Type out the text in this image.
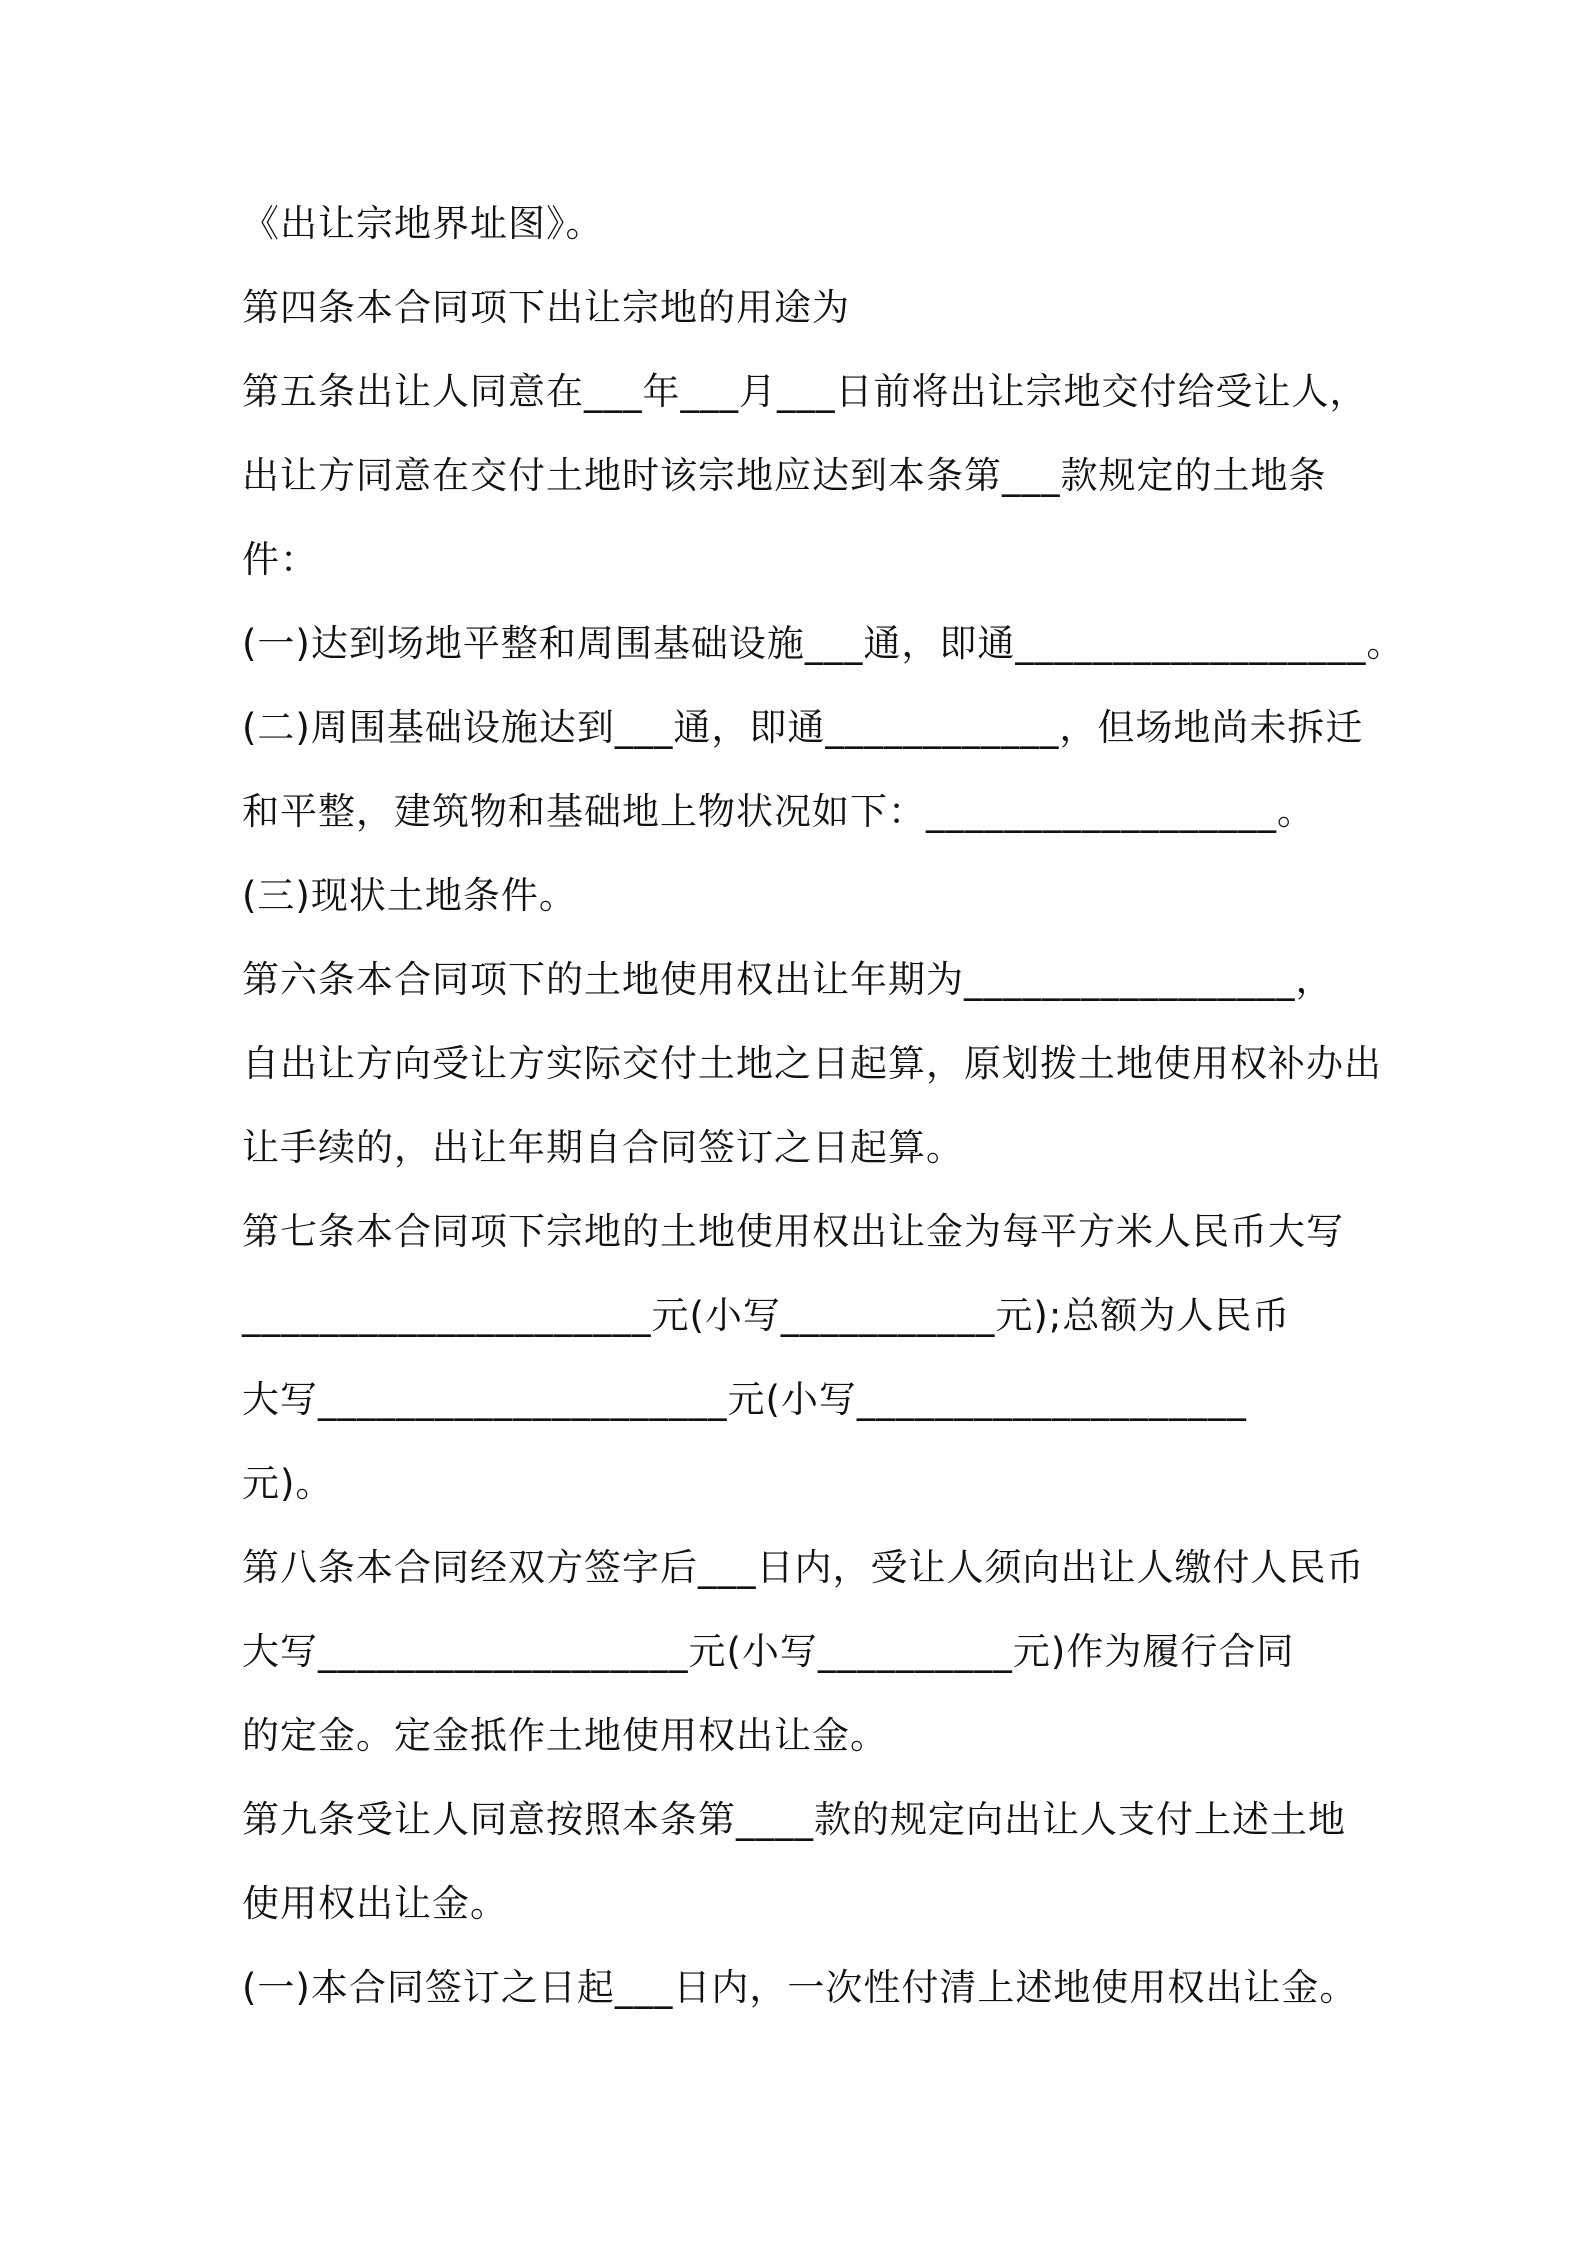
《出让宗地界址图》。
第四条本合同项下出让宗地的用途为
第五条出让人同意在___年___月___日前将出让宗地交付给受让人，
出让方同意在交付土地时该宗地应达到本条第___款规定的土地条
件：
(一)达到场地平整和周围基础设施___通，即通__________________。
(二)周围基础设施达到___通，即通____________，但场地尚未拆迁
和平整，建筑物和基础地上物状况如下：__________________。
(三)现状土地条件。
第六条本合同项下的土地使用权出让年期为_________________，
自出让方向受让方实际交付土地之日起算，原划拨土地使用权补办出
让手续的，出让年期自合同签订之日起算。
第七条本合同项下宗地的土地使用权出让金为每平方米人民币大写
_____________________元(小写___________元);总额为人民币
大写_____________________元(小写____________________
元)。
第八条本合同经双方签字后___日内，受让人须向出让人缴付人民币
大写___________________元(小写__________元)作为履行合同
的定金。定金抵作土地使用权出让金。
第九条受让人同意按照本条第____款的规定向出让人支付上述土地
使用权出让金。
(一)本合同签订之日起___日内，一次性付清上述地使用权出让金。
